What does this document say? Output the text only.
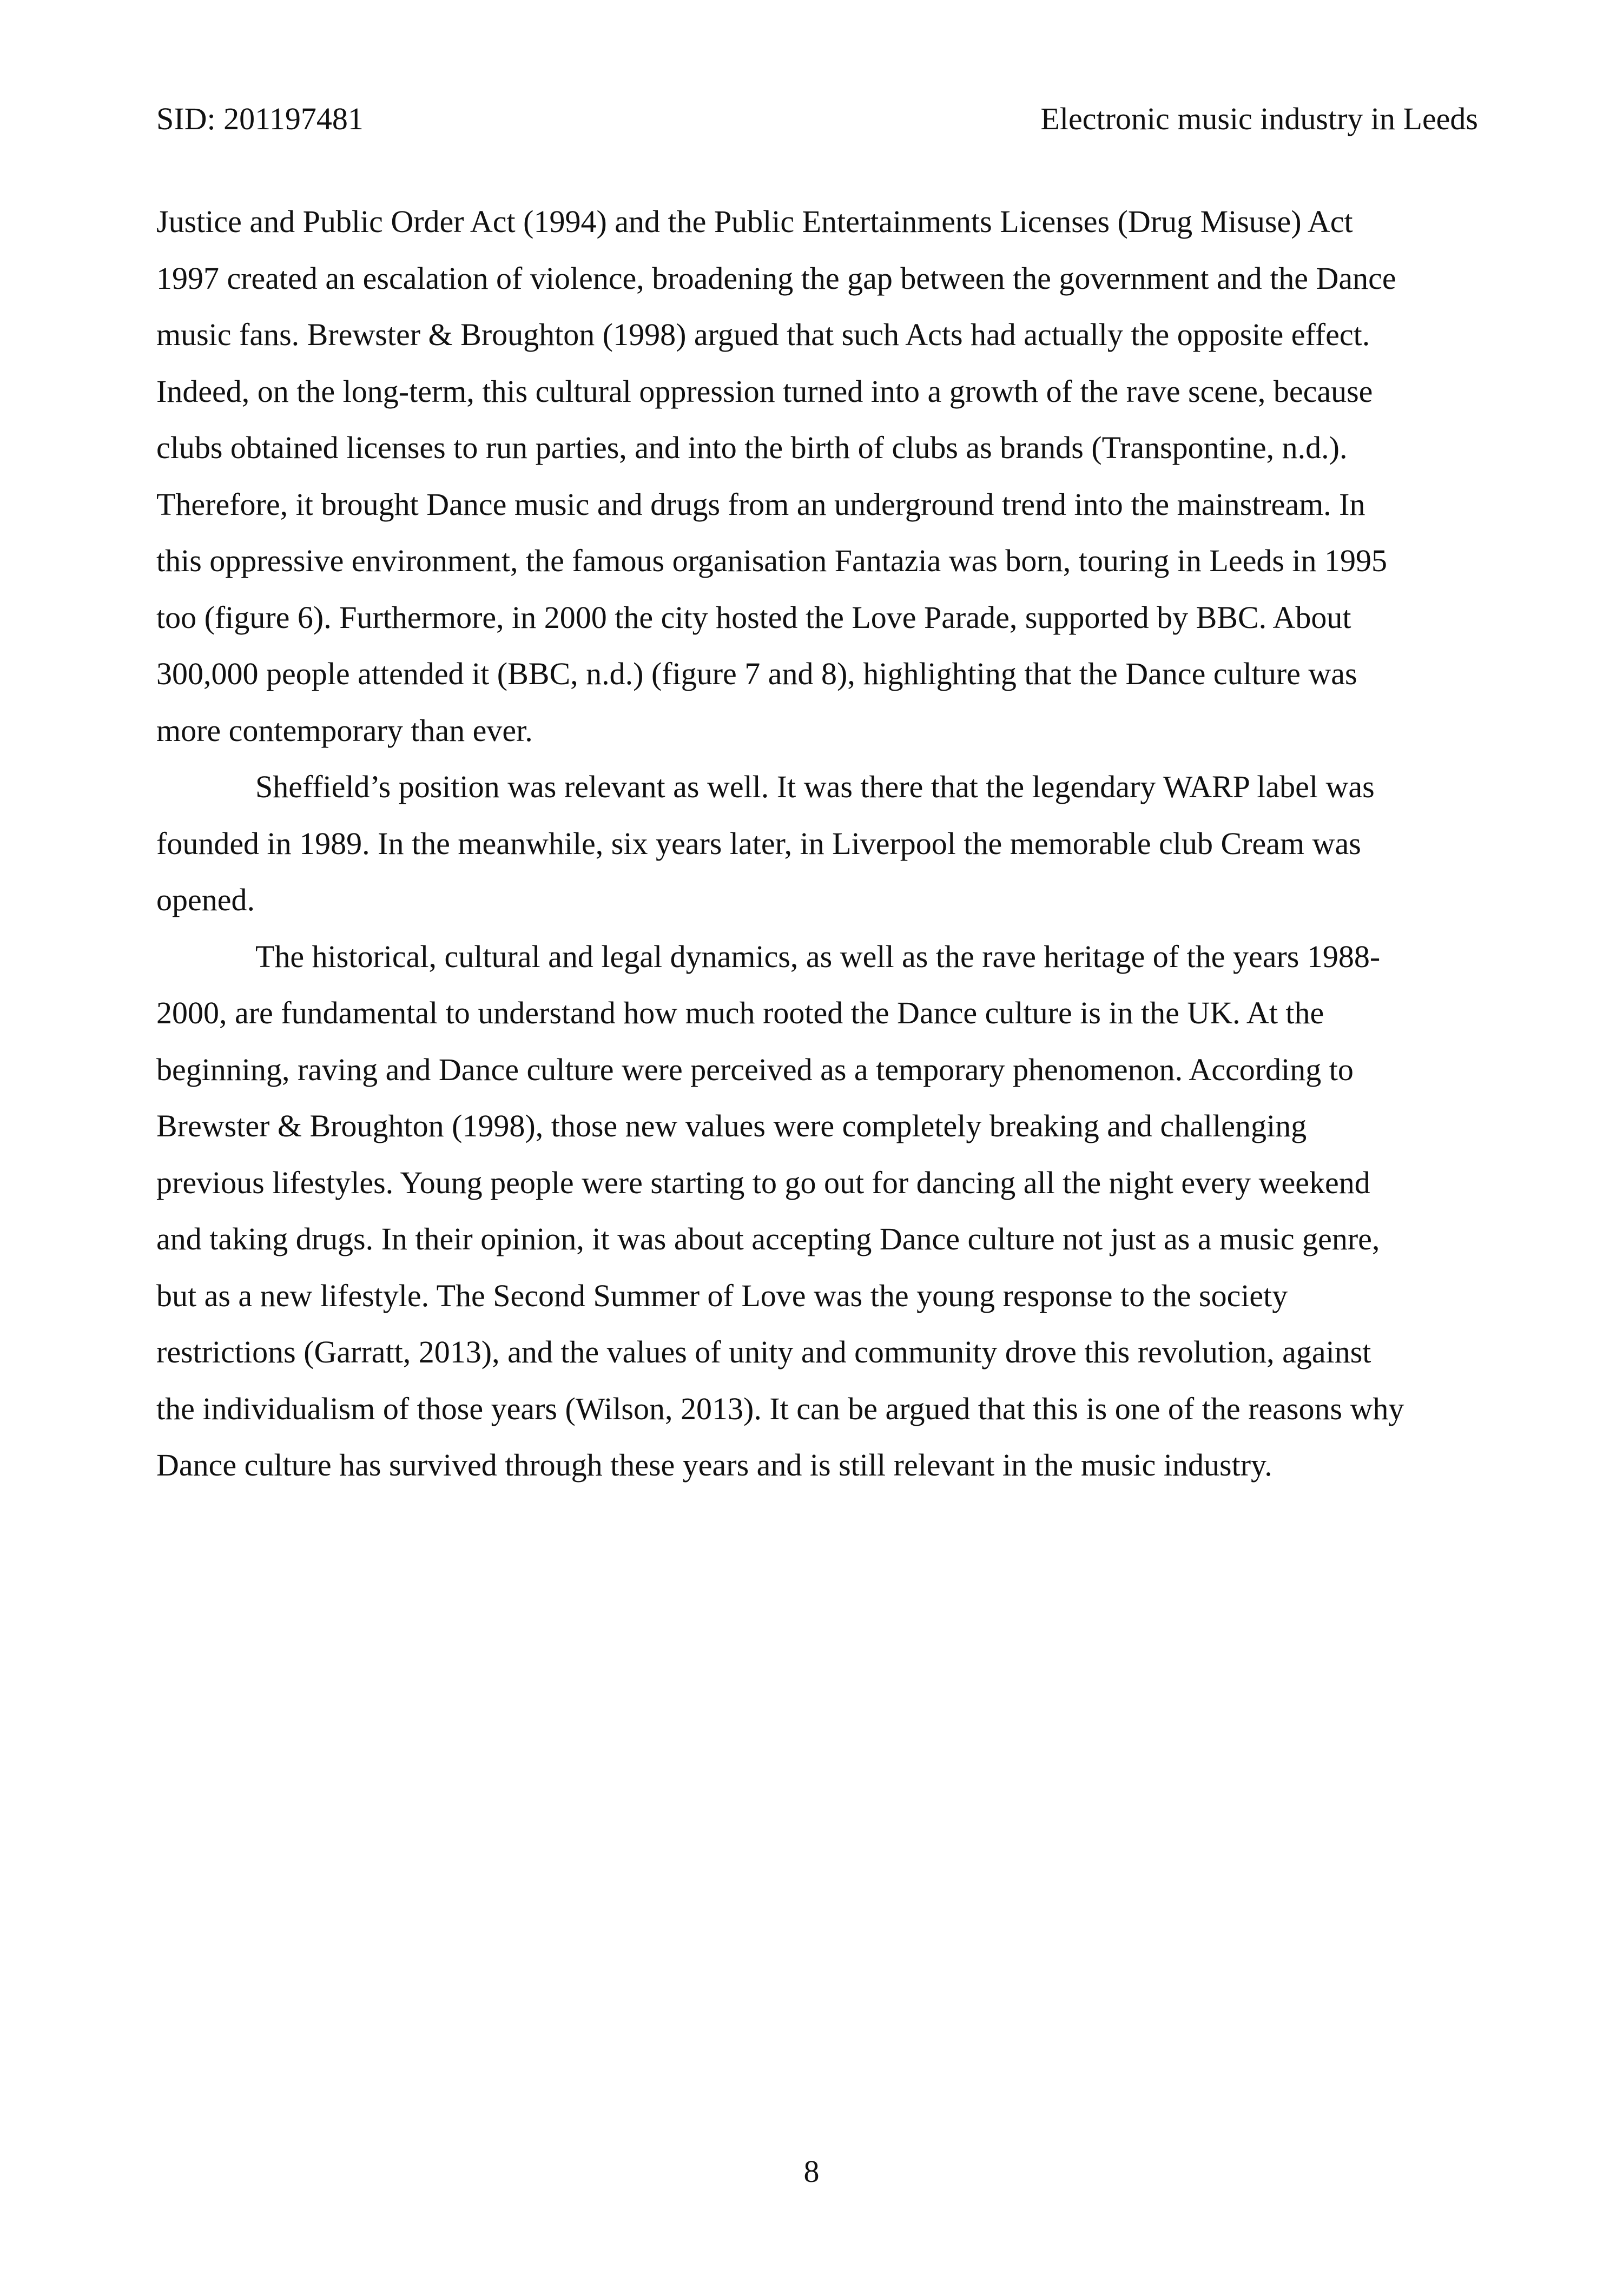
SID: 201197481	Electronic music industry in Leeds
Justice and Public Order Act (1994) and the Public Entertainments Licenses (Drug Misuse) Act
1997 created an escalation of violence, broadening the gap between the government and the Dance
music fans. Brewster & Broughton (1998) argued that such Acts had actually the opposite effect.
Indeed, on the long-term, this cultural oppression turned into a growth of the rave scene, because
clubs obtained licenses to run parties, and into the birth of clubs as brands (Transpontine, n.d.).
Therefore, it brought Dance music and drugs from an underground trend into the mainstream. In
this oppressive environment, the famous organisation Fantazia was born, touring in Leeds in 1995
too (figure 6). Furthermore, in 2000 the city hosted the Love Parade, supported by BBC. About
300,000 people attended it (BBC, n.d.) (figure 7 and 8), highlighting that the Dance culture was
more contemporary than ever.
Sheffield’s position was relevant as well. It was there that the legendary WARP label was
founded in 1989. In the meanwhile, six years later, in Liverpool the memorable club Cream was
opened.
The historical, cultural and legal dynamics, as well as the rave heritage of the years 1988-
2000, are fundamental to understand how much rooted the Dance culture is in the UK. At the
beginning, raving and Dance culture were perceived as a temporary phenomenon. According to
Brewster & Broughton (1998), those new values were completely breaking and challenging
previous lifestyles. Young people were starting to go out for dancing all the night every weekend
and taking drugs. In their opinion, it was about accepting Dance culture not just as a music genre,
but as a new lifestyle. The Second Summer of Love was the young response to the society
restrictions (Garratt, 2013), and the values of unity and community drove this revolution, against
the individualism of those years (Wilson, 2013). It can be argued that this is one of the reasons why
Dance culture has survived through these years and is still relevant in the music industry.
8
